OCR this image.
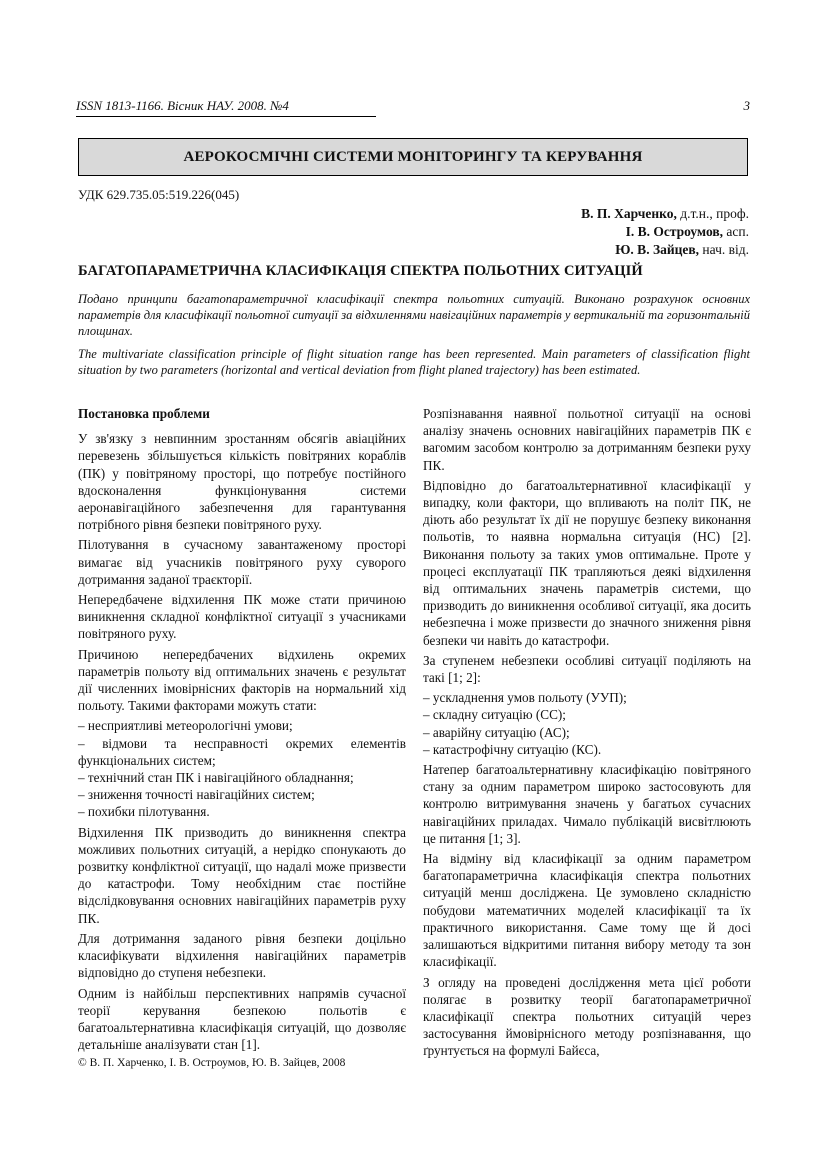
ISSN 1813-1166. Вісник НАУ. 2008. №4	3
АЕРОКОСМІЧНІ СИСТЕМИ МОНІТОРИНГУ ТА КЕРУВАННЯ
УДК 629.735.05:519.226(045)
В. П. Харченко, д.т.н., проф.
І. В. Остроумов, асп.
Ю. В. Зайцев, нач. від.
БАГАТОПАРАМЕТРИЧНА КЛАСИФІКАЦІЯ СПЕКТРА ПОЛЬОТНИХ СИТУАЦІЙ
Подано принципи багатопараметричної класифікації спектра польотних ситуацій. Виконано розрахунок основних параметрів для класифікації польотної ситуації за відхиленнями навігаційних параметрів у вертикальній та горизонтальній площинах.
The multivariate classification principle of flight situation range has been represented. Main parameters of classification flight situation by two parameters (horizontal and vertical deviation from flight planed trajectory) has been estimated.

Постановка проблеми

У зв'язку з невпинним зростанням обсягів авіаційних перевезень збільшується кількість повітряних кораблів (ПК) у повітряному просторі, що потребує постійного вдосконалення функціонування системи аеронавігаційного забезпечення для гарантування потрібного рівня безпеки повітряного руху.

Пілотування в сучасному завантаженому просторі вимагає від учасників повітряного руху суворого дотримання заданої траєкторії.

Непередбачене відхилення ПК може стати причиною виникнення складної конфліктної ситуації з учасниками повітряного руху.

Причиною непередбачених відхилень окремих параметрів польоту від оптимальних значень є результат дії численних імовірнісних факторів на нормальний хід польоту. Такими факторами можуть стати:

– несприятливі метеорологічні умови;
– відмови та несправності окремих елементів функціональних систем;
– технічний стан ПК і навігаційного обладнання;
– зниження точності навігаційних систем;
– похибки пілотування.

Відхилення ПК призводить до виникнення спектра можливих польотних ситуацій, а нерідко спонукають до розвитку конфліктної ситуації, що надалі може призвести до катастрофи. Тому необхідним стає постійне відслідковування основних навігаційних параметрів руху ПК.

Для дотримання заданого рівня безпеки доцільно класифікувати відхилення навігаційних параметрів відповідно до ступеня небезпеки.

Одним із найбільш перспективних напрямів сучасної теорії керування безпекою польотів є багатоальтернативна класифікація ситуацій, що дозволяє детальніше аналізувати стан [1].

Розпізнавання наявної польотної ситуації на основі аналізу значень основних навігаційних параметрів ПК є вагомим засобом контролю за дотриманням безпеки руху ПК.

Відповідно до багатоальтернативної класифікації у випадку, коли фактори, що впливають на політ ПК, не діють або результат їх дії не порушує безпеку виконання польотів, то наявна нормальна ситуація (НС) [2]. Виконання польоту за таких умов оптимальне. Проте у процесі експлуатації ПК трапляються деякі відхилення від оптимальних значень параметрів системи, що призводить до виникнення особливої ситуації, яка досить небезпечна і може призвести до значного зниження рівня безпеки чи навіть до катастрофи.

За ступенем небезпеки особливі ситуації поділяють на такі [1; 2]:

– ускладнення умов польоту (УУП);
– складну ситуацію (СС);
– аварійну ситуацію (АС);
– катастрофічну ситуацію (КС).

Натепер багатоальтернативну класифікацію повітряного стану за одним параметром широко застосовують для контролю витримування значень у багатьох сучасних навігаційних приладах. Чимало публікацій висвітлюють це питання [1; 3].

На відміну від класифікації за одним параметром багатопараметрична класифікація спектра польотних ситуацій менш досліджена. Це зумовлено складністю побудови математичних моделей класифікації та їх практичного використання. Саме тому ще й досі залишаються відкритими питання вибору методу та зон класифікації.

З огляду на проведені дослідження мета цієї роботи полягає в розвитку теорії багатопараметричної класифікації спектра польотних ситуацій через застосування ймовірнісного методу розпізнавання, що ґрунтується на формулі Байєса,

© В. П. Харченко, І. В. Остроумов, Ю. В. Зайцев, 2008
